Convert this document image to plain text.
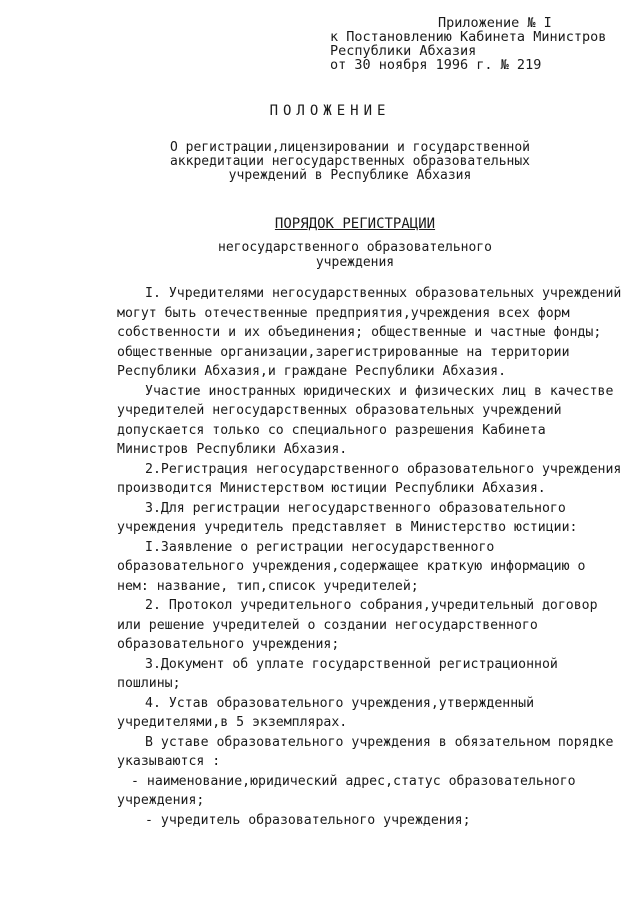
Приложение № I
к Постановлению Кабинета Министров
Республики Абхазия
от 30 ноября 1996 г. № 219
ПОЛОЖЕНИЕ
О регистрации,лицензировании и государственной
аккредитации негосударственных образовательных
учреждений в Республике Абхазия
ПОРЯДОК РЕГИСТРАЦИИ
негосударственного образовательного
учреждения

I. Учредителями негосударственных образовательных учреждений могут быть отечественные предприятия,учреждения всех форм собственности и их объединения; общественные и частные фонды; общественные организации,зарегистрированные на территории Республики Абхазия,и граждане Республики Абхазия.

Участие иностранных юридических и физических лиц в качестве учредителей негосударственных образовательных учреждений допускается только со специального разрешения Кабинета Министров Республики Абхазия.

2.Регистрация негосударственного образовательного учреждения производится Министерством юстиции Республики Абхазия.

3.Для регистрации негосударственного образовательного учреждения учредитель представляет в Министерство юстиции:

I.Заявление о регистрации негосударственного образовательного учреждения,содержащее краткую информацию о нем: название, тип,список учредителей;

2. Протокол учредительного собрания,учредительный договор или решение учредителей о создании негосударственного образовательного учреждения;

3.Документ об уплате государственной регистрационной пошлины;

4. Устав образовательного учреждения,утвержденный учредителями,в 5 экземплярах.

В уставе образовательного учреждения в обязательном порядке указываются :

- наименование,юридический адрес,статус образовательного учреждения;

- учредитель образовательного учреждения;
